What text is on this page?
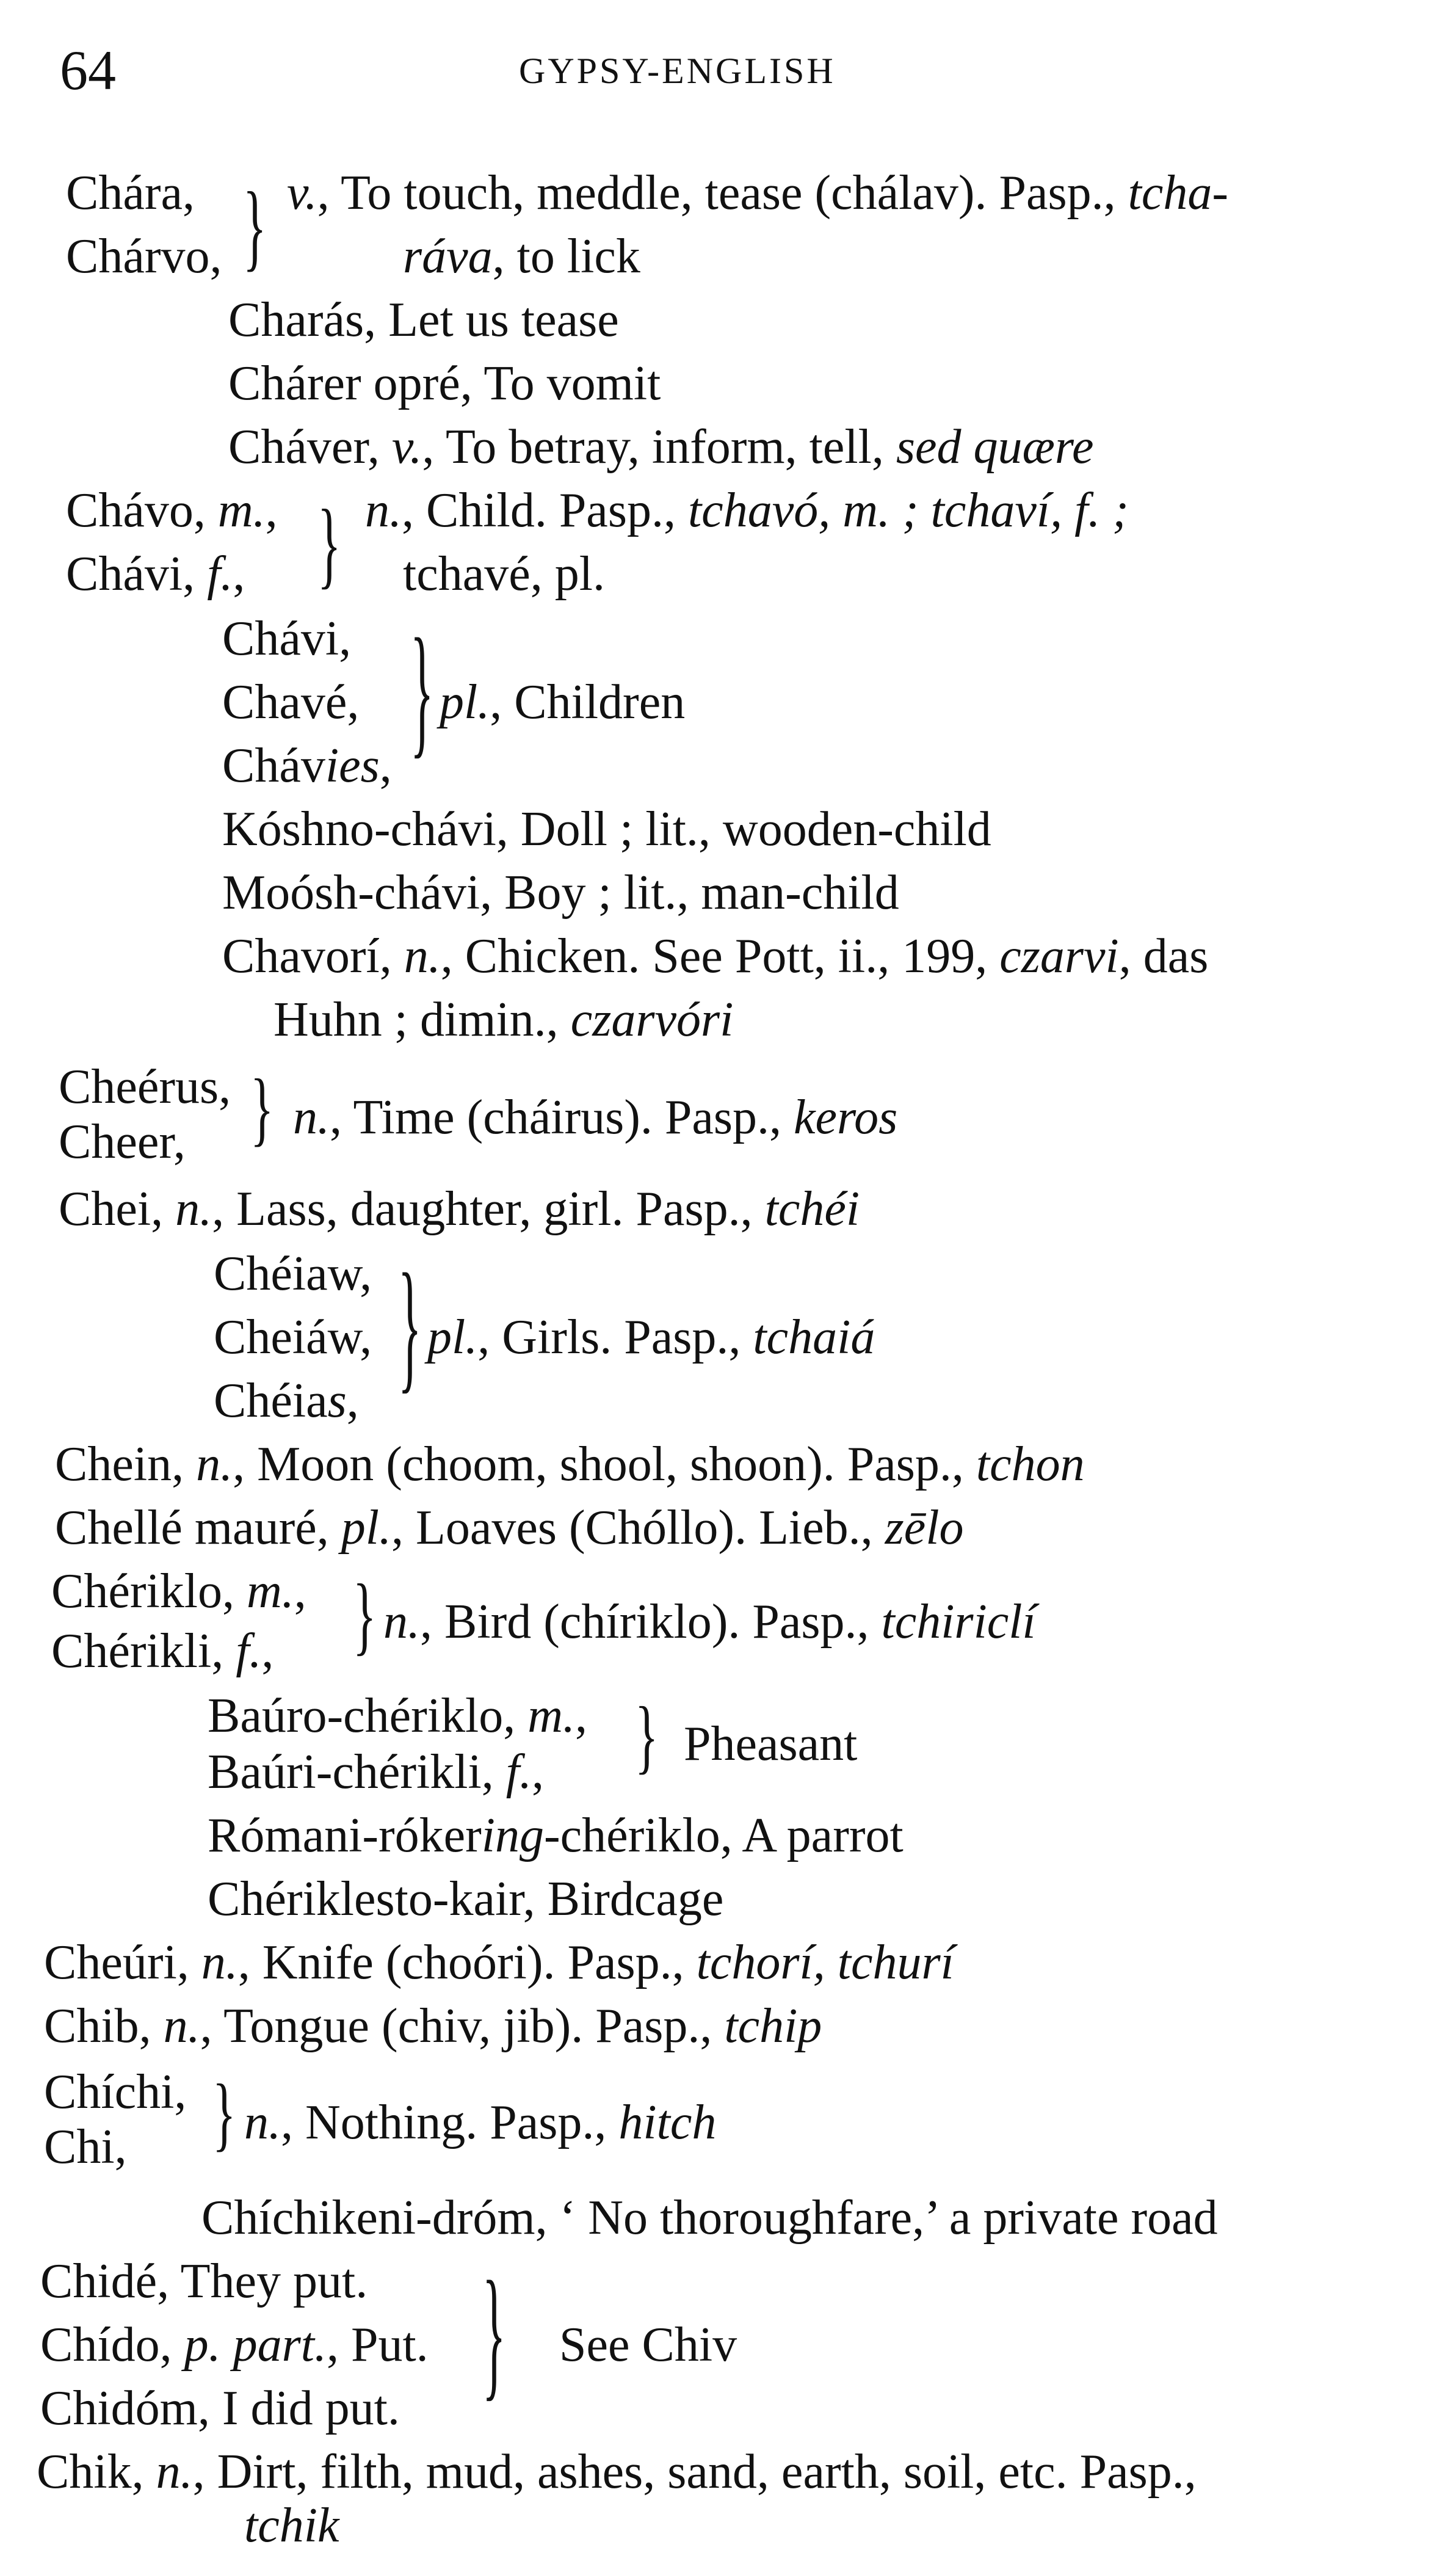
64	GYPSY-ENGLISH
Chára,
Chárvo, } v., To touch, meddle, tease (chálav). Pasp., tcha-
ráva, to lick
Charás, Let us tease
Chárer opré, To vomit
Cháver, v., To betray, inform, tell, sed quære
Chávo, m.,
Chávi, f., } n., Child. Pasp., tchavó, m. ; tchaví, f. ;
tchavé, pl.
Chávi,
Chavé,
Chávies, } pl., Children
Kóshno-chávi, Doll ; lit., wooden-child
Moósh-chávi, Boy ; lit., man-child
Chavorí, n., Chicken. See Pott, ii., 199, czarvi, das
Huhn ; dimin., czarvóri
Cheérus,
Cheer, } n., Time (cháirus). Pasp., keros
Chei, n., Lass, daughter, girl. Pasp., tchéi
Chéiaw,
Cheiáw,
Chéias, } pl., Girls. Pasp., tchaiá
Chein, n., Moon (choom, shool, shoon). Pasp., tchon
Chellé mauré, pl., Loaves (Chóllo). Lieb., zēlo
Chériklo, m.,
Chérikli, f., } n., Bird (chíriklo). Pasp., tchiriclí
Baúro-chériklo, m.,
Baúri-chérikli, f., } Pheasant
Rómani-rókering-chériklo, A parrot
Chériklesto-kair, Birdcage
Cheúri, n., Knife (choóri). Pasp., tchorí, tchurí
Chib, n., Tongue (chiv, jib). Pasp., tchip
Chíchi,
Chi, } n., Nothing. Pasp., hitch
Chíchikeni-dróm, ‘ No thoroughfare,’ a private road
Chidé, They put.
Chído, p. part., Put.
Chidóm, I did put. } See Chiv
Chik, n., Dirt, filth, mud, ashes, sand, earth, soil, etc. Pasp.,
tchik
